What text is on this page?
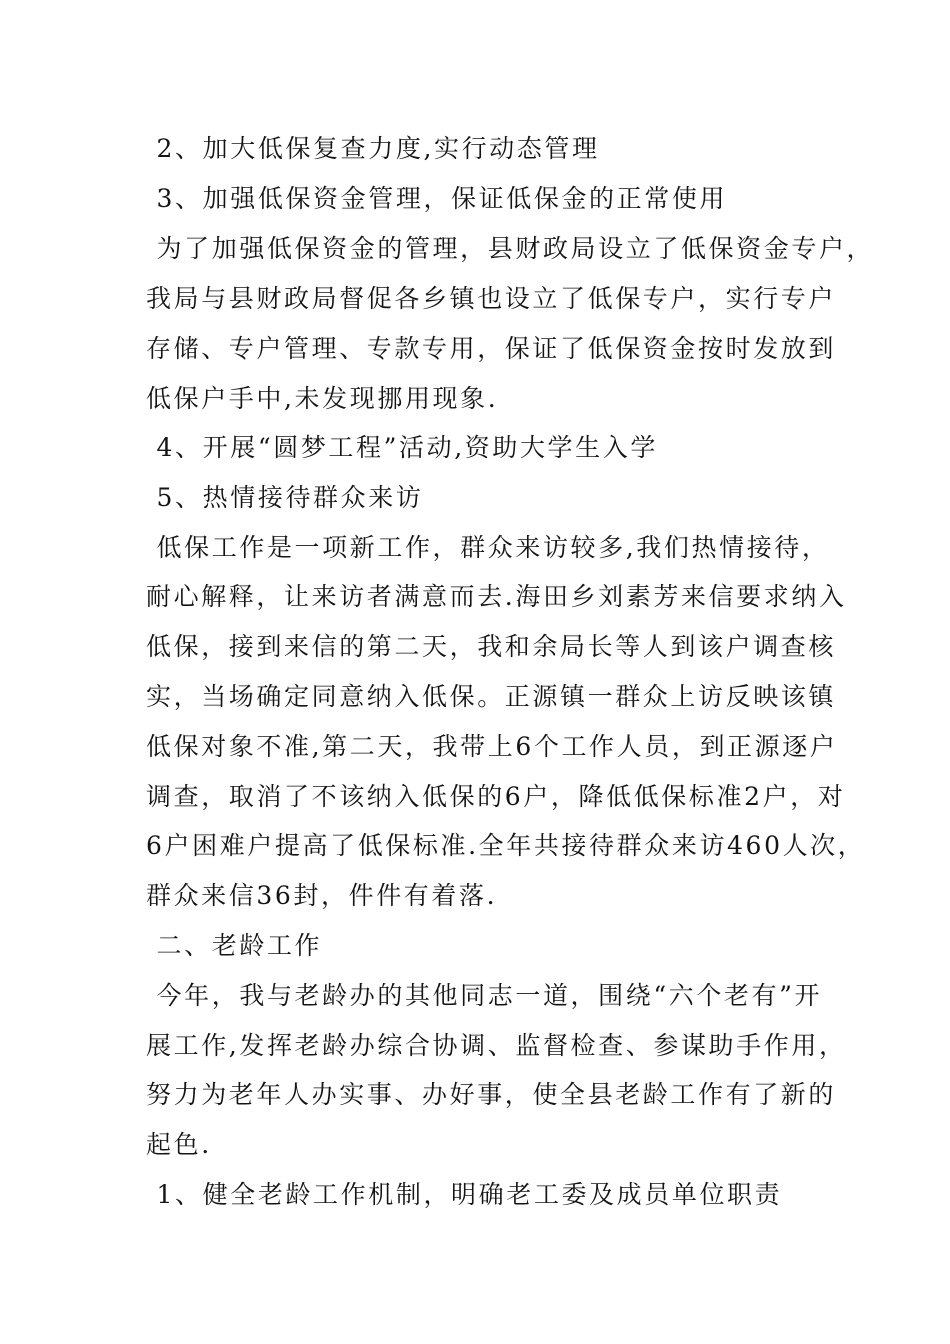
2、加大低保复查力度,实行动态管理
3、加强低保资金管理，保证低保金的正常使用
为了加强低保资金的管理，县财政局设立了低保资金专户，
我局与县财政局督促各乡镇也设立了低保专户，实行专户
存储、专户管理、专款专用，保证了低保资金按时发放到
低保户手中,未发现挪用现象.
4、开展“圆梦工程”活动,资助大学生入学
5、热情接待群众来访
低保工作是一项新工作，群众来访较多,我们热情接待，
耐心解释，让来访者满意而去.海田乡刘素芳来信要求纳入
低保，接到来信的第二天，我和余局长等人到该户调查核
实，当场确定同意纳入低保。正源镇一群众上访反映该镇
低保对象不准,第二天，我带上6个工作人员，到正源逐户
调查，取消了不该纳入低保的6户，降低低保标准2户，对
6户困难户提高了低保标准.全年共接待群众来访460人次，
群众来信36封，件件有着落.
二、老龄工作
今年，我与老龄办的其他同志一道，围绕“六个老有”开
展工作,发挥老龄办综合协调、监督检查、参谋助手作用，
努力为老年人办实事、办好事，使全县老龄工作有了新的
起色.
1、健全老龄工作机制，明确老工委及成员单位职责
